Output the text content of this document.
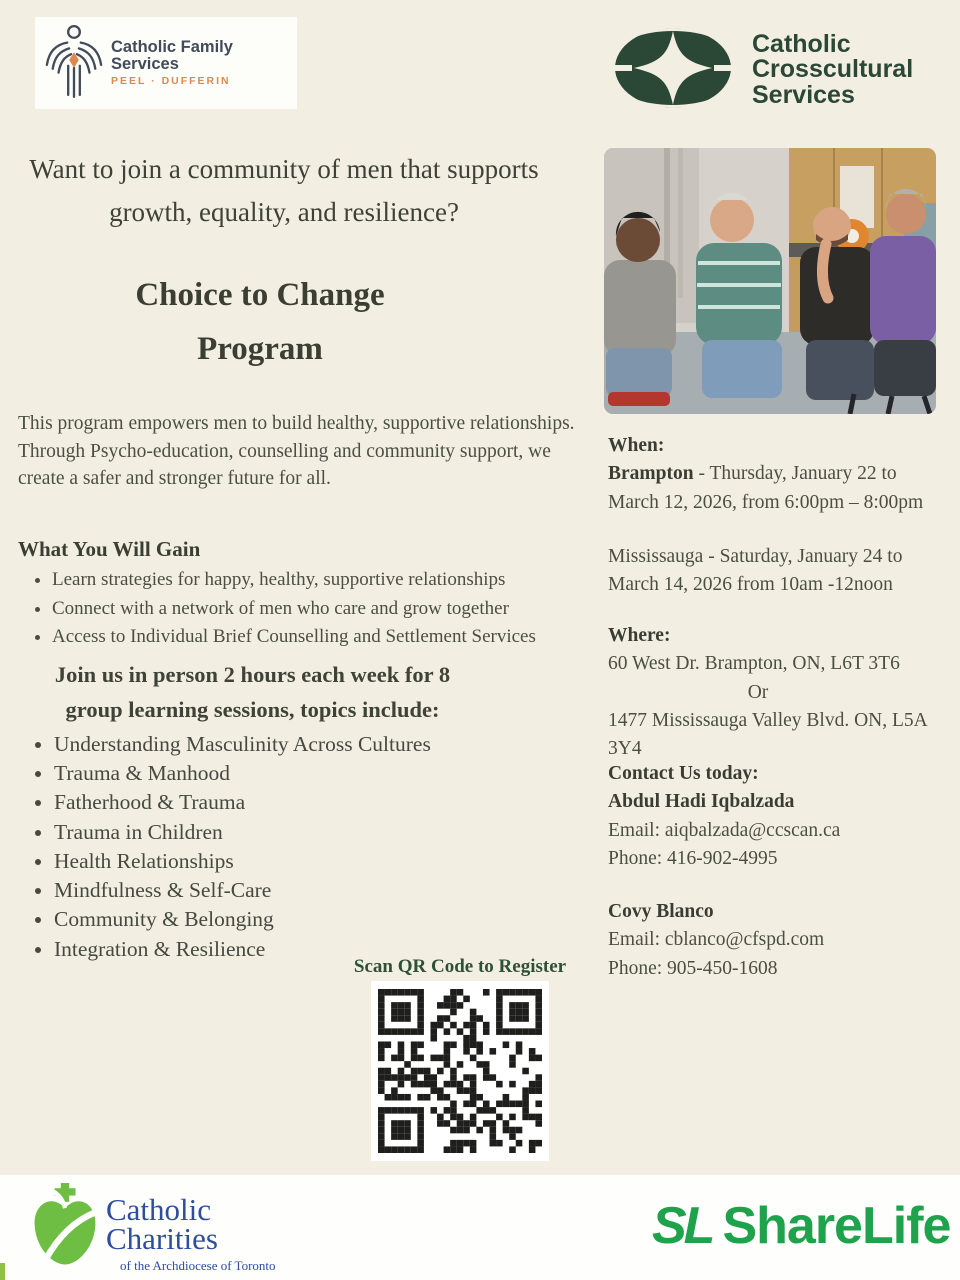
Catholic Family Services
PEEL · DUFFERIN
Catholic
Crosscultural
Services
Want to join a community of men that supports growth, equality, and resilience?
Choice to Change
Program
This program empowers men to build healthy, supportive relationships. Through Psycho-education, counselling and community support, we create a safer and stronger future for all.
What You Will Gain
• Learn strategies for happy, healthy, supportive relationships
• Connect with a network of men who care and grow together
• Access to Individual Brief Counselling and Settlement Services
Join us in person 2 hours each week for 8 group learning sessions, topics include:
• Understanding Masculinity Across Cultures
• Trauma & Manhood
• Fatherhood & Trauma
• Trauma in Children
• Health Relationships
• Mindfulness & Self-Care
• Community & Belonging
• Integration & Resilience
Scan QR Code to Register
When:
Brampton - Thursday, January 22 to March 12, 2026, from 6:00pm – 8:00pm
Mississauga - Saturday, January 24 to March 14, 2026 from 10am -12noon
Where:
60 West Dr. Brampton, ON, L6T 3T6
Or
1477 Mississauga Valley Blvd. ON, L5A 3Y4
Contact Us today:
Abdul Hadi Iqbalzada
Email: aiqbalzada@ccscan.ca
Phone: 416-902-4995
Covy Blanco
Email: cblanco@cfspd.com
Phone: 905-450-1608
Catholic
Charities
of the Archdiocese of Toronto
SL ShareLife
